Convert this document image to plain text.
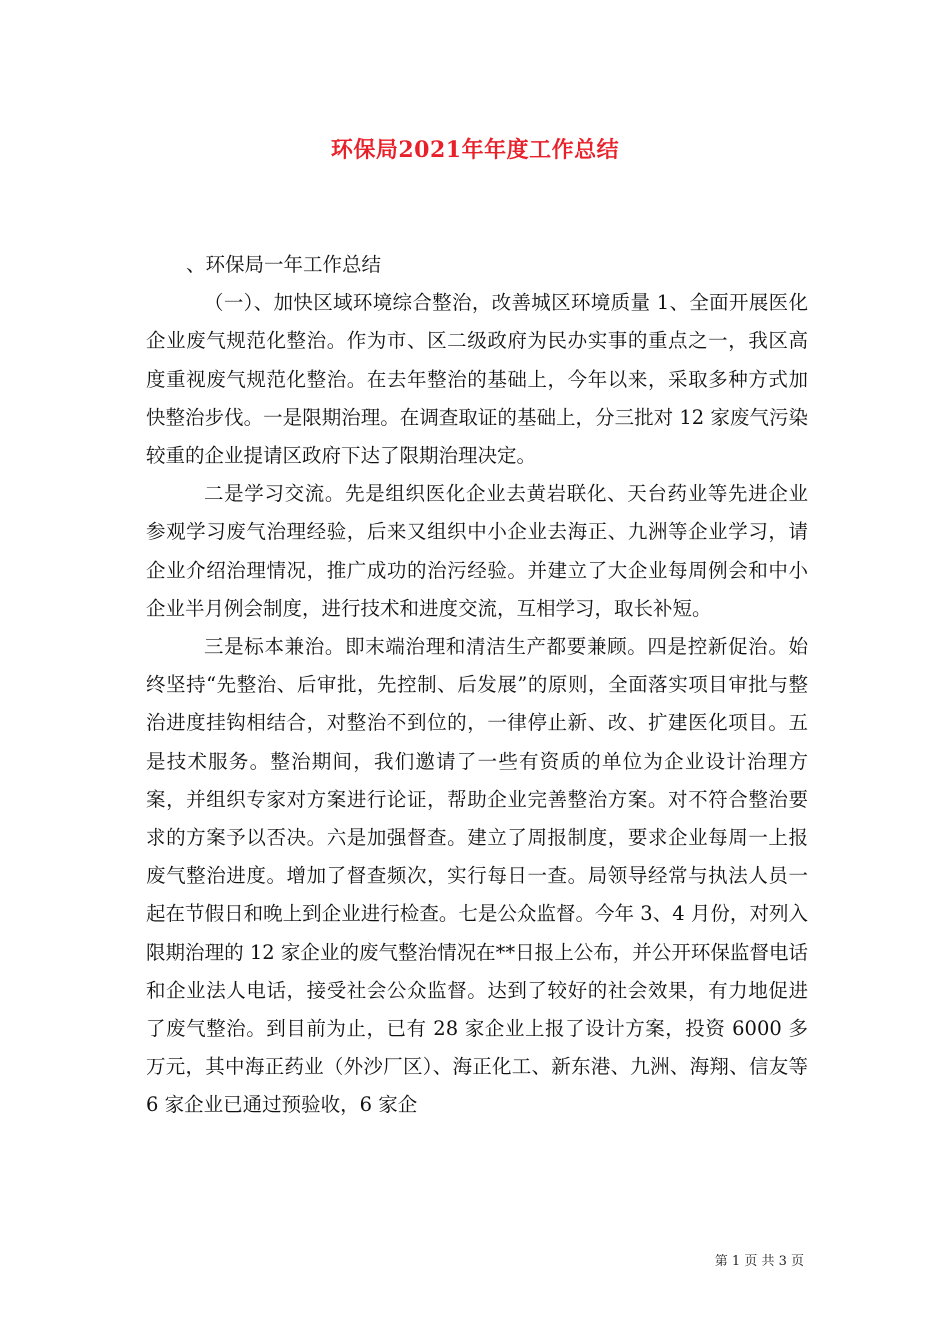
环保局2021年年度工作总结

、环保局一年工作总结

（一）、加快区域环境综合整治，改善城区环境质量 1、全面开展医化企业废气规范化整治。作为市、区二级政府为民办实事的重点之一，我区高度重视废气规范化整治。在去年整治的基础上，今年以来，采取多种方式加快整治步伐。一是限期治理。在调查取证的基础上，分三批对 12 家废气污染较重的企业提请区政府下达了限期治理决定。

二是学习交流。先是组织医化企业去黄岩联化、天台药业等先进企业参观学习废气治理经验，后来又组织中小企业去海正、九洲等企业学习，请企业介绍治理情况，推广成功的治污经验。并建立了大企业每周例会和中小企业半月例会制度，进行技术和进度交流，互相学习，取长补短。

三是标本兼治。即末端治理和清洁生产都要兼顾。四是控新促治。始终坚持“先整治、后审批，先控制、后发展”的原则，全面落实项目审批与整治进度挂钩相结合，对整治不到位的，一律停止新、改、扩建医化项目。五是技术服务。整治期间，我们邀请了一些有资质的单位为企业设计治理方案，并组织专家对方案进行论证，帮助企业完善整治方案。对不符合整治要求的方案予以否决。六是加强督查。建立了周报制度，要求企业每周一上报废气整治进度。增加了督查频次，实行每日一查。局领导经常与执法人员一起在节假日和晚上到企业进行检查。七是公众监督。今年 3、4 月份，对列入限期治理的 12 家企业的废气整治情况在**日报上公布，并公开环保监督电话和企业法人电话，接受社会公众监督。达到了较好的社会效果，有力地促进了废气整治。到目前为止，已有 28 家企业上报了设计方案，投资 6000 多万元，其中海正药业（外沙厂区）、海正化工、新东港、九洲、海翔、信友等 6 家企业已通过预验收，6 家企

第 1 页 共 3 页
